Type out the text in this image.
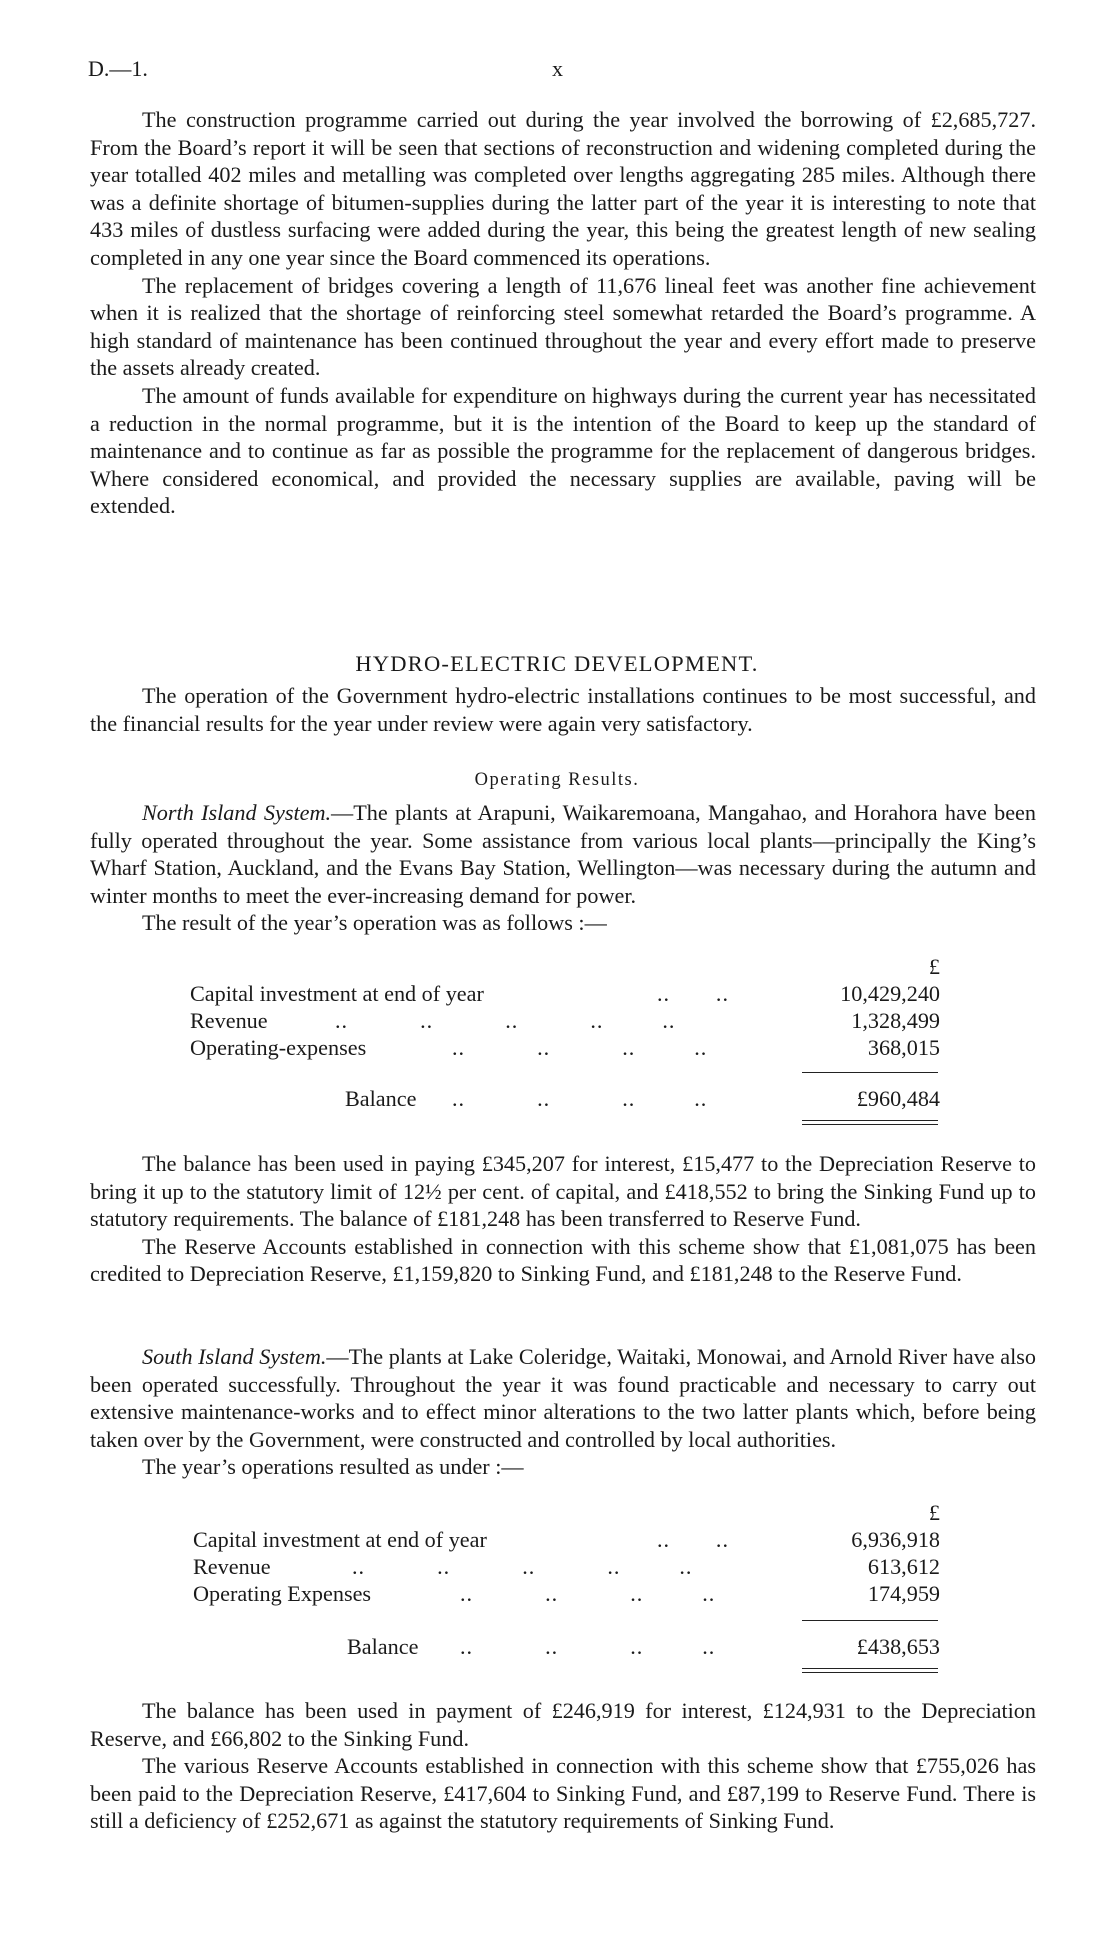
D.—1.	x

The construction programme carried out during the year involved the borrowing of £2,685,727. From the Board’s report it will be seen that sections of reconstruction and widening completed during the year totalled 402 miles and metalling was completed over lengths aggregating 285 miles. Although there was a definite shortage of bitumen-supplies during the latter part of the year it is interesting to note that 433 miles of dustless surfacing were added during the year, this being the greatest length of new sealing completed in any one year since the Board commenced its operations.

The replacement of bridges covering a length of 11,676 lineal feet was another fine achievement when it is realized that the shortage of reinforcing steel somewhat retarded the Board’s programme. A high standard of maintenance has been continued throughout the year and every effort made to preserve the assets already created.

The amount of funds available for expenditure on highways during the current year has necessitated a reduction in the normal programme, but it is the intention of the Board to keep up the standard of maintenance and to continue as far as possible the programme for the replacement of dangerous bridges. Where considered economical, and provided the necessary supplies are available, paving will be extended.

HYDRO-ELECTRIC DEVELOPMENT.

The operation of the Government hydro-electric installations continues to be most successful, and the financial results for the year under review were again very satisfactory.

Operating Results.

North Island System.—The plants at Arapuni, Waikaremoana, Mangahao, and Horahora have been fully operated throughout the year. Some assistance from various local plants—principally the King’s Wharf Station, Auckland, and the Evans Bay Station, Wellington—was necessary during the autumn and winter months to meet the ever-increasing demand for power.

The result of the year’s operation was as follows :—

£
Capital investment at end of year	..       ..	10,429,240
Revenue	..           ..           ..           ..         ..	1,328,499
Operating-expenses	..           ..           ..         ..	368,015
Balance ..           ..           ..         ..	£960,484

The balance has been used in paying £345,207 for interest, £15,477 to the Depreciation Reserve to bring it up to the statutory limit of 12½ per cent. of capital, and £418,552 to bring the Sinking Fund up to statutory requirements. The balance of £181,248 has been transferred to Reserve Fund.

The Reserve Accounts established in connection with this scheme show that £1,081,075 has been credited to Depreciation Reserve, £1,159,820 to Sinking Fund, and £181,248 to the Reserve Fund.

South Island System.—The plants at Lake Coleridge, Waitaki, Monowai, and Arnold River have also been operated successfully. Throughout the year it was found practicable and necessary to carry out extensive maintenance-works and to effect minor alterations to the two latter plants which, before being taken over by the Government, were constructed and controlled by local authorities.

The year’s operations resulted as under :—

£
Capital investment at end of year	..       ..	6,936,918
Revenue	..           ..           ..           ..         ..	613,612
Operating Expenses	..           ..           ..         ..	174,959
Balance ..           ..           ..         ..	£438,653

The balance has been used in payment of £246,919 for interest, £124,931 to the Depreciation Reserve, and £66,802 to the Sinking Fund.

The various Reserve Accounts established in connection with this scheme show that £755,026 has been paid to the Depreciation Reserve, £417,604 to Sinking Fund, and £87,199 to Reserve Fund. There is still a deficiency of £252,671 as against the statutory requirements of Sinking Fund.
